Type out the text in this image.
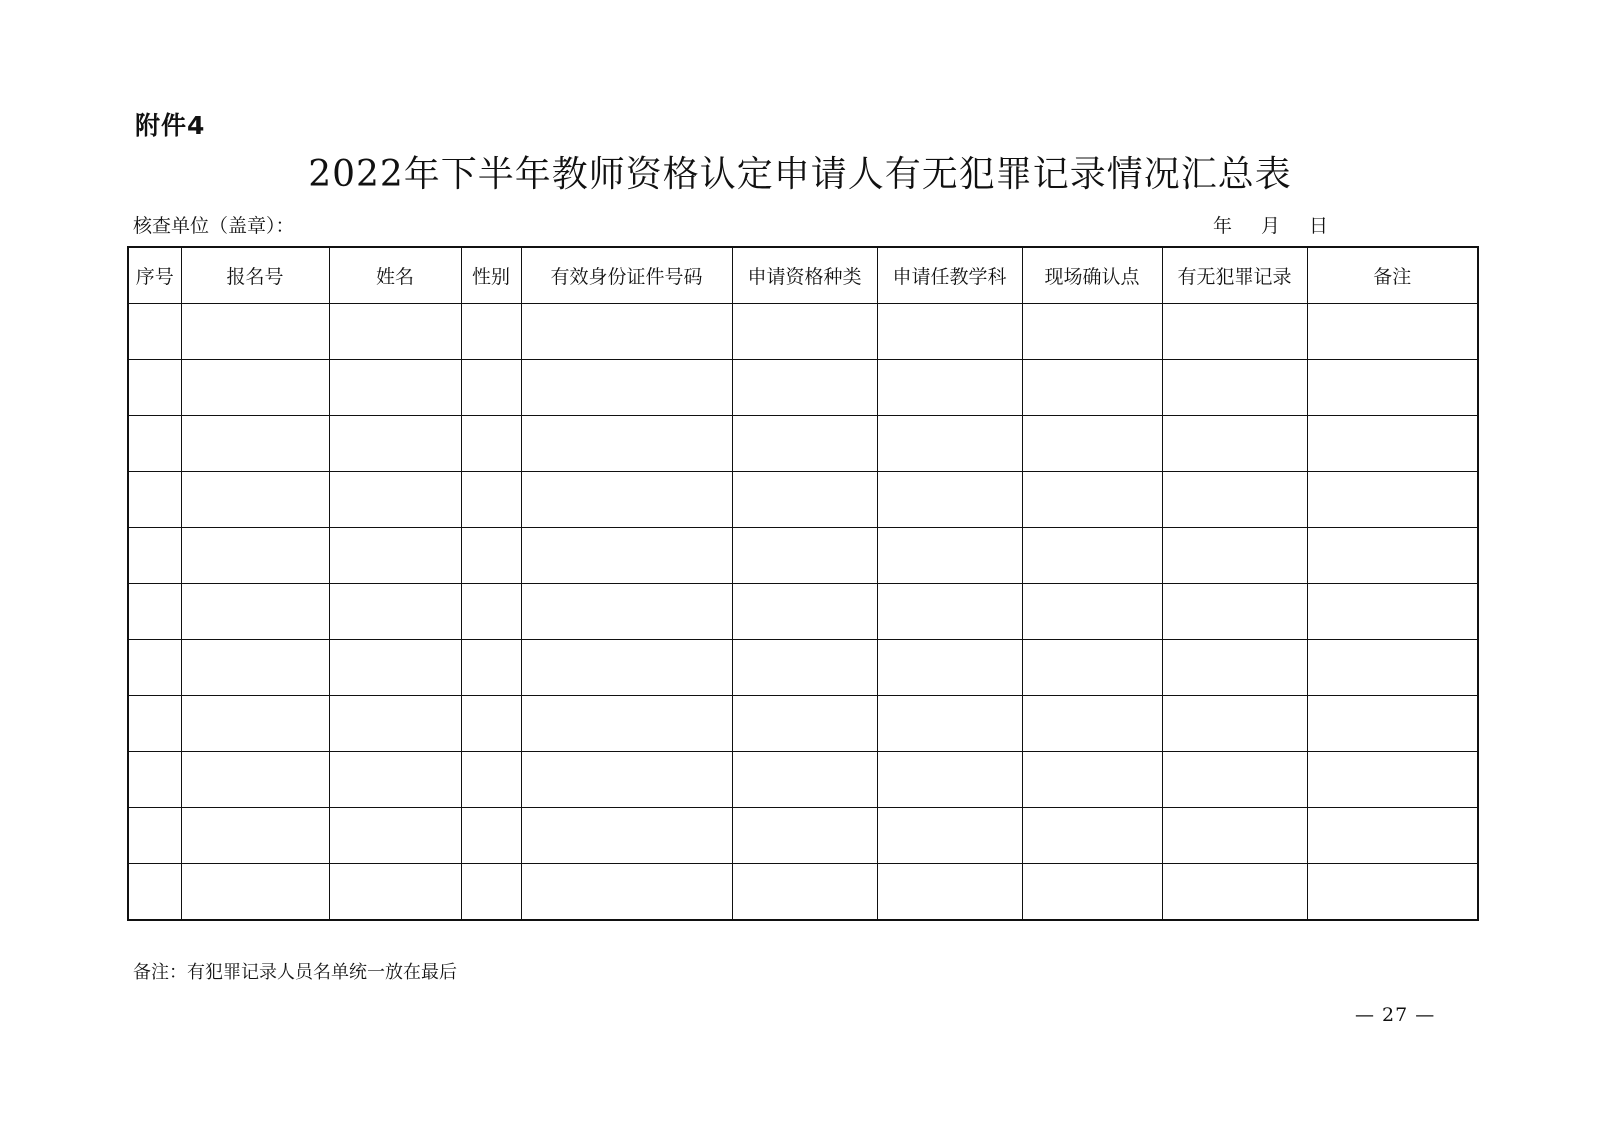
附件4
2022年下半年教师资格认定申请人有无犯罪记录情况汇总表
核查单位（盖章）：	年	月	日
序号	报名号	姓名	性别	有效身份证件号码	申请资格种类	申请任教学科	现场确认点	有无犯罪记录	备注

备注：有犯罪记录人员名单统一放在最后
— 27 —
